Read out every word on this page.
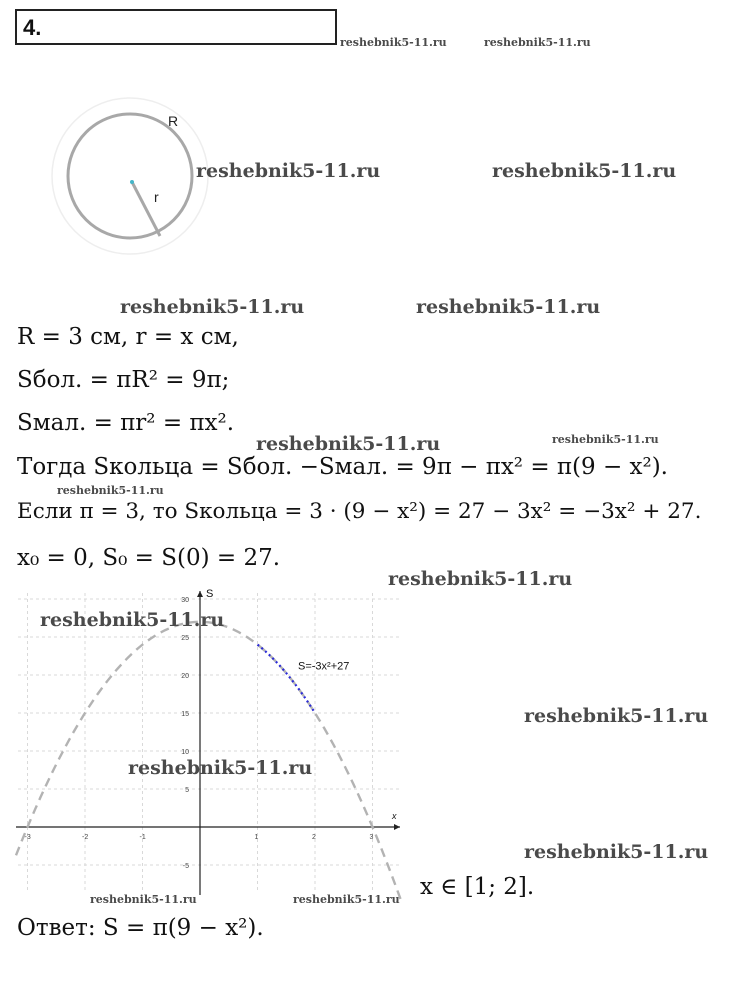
4.
R
r
R = 3 см, r = x см,
Sбол. = πR² = 9π;
Sмал. = πr² = πx².
Тогда Sкольца = Sбол. −Sмал. = 9π − πx² = π(9 − x²).
Если π = 3, то Sкольца = 3 · (9 − x²) = 27 − 3x² = −3x² + 27.
x₀ = 0, S₀ = S(0) = 27.
-3	-2	-1	1	2	3
-5
5
10
15
20
25
30
S
x
S=-3x²+27
x ∈ [1; 2].
Ответ: S = π(9 − x²).
reshebnik5-11.ru	reshebnik5-11.ru
reshebnik5-11.ru	reshebnik5-11.ru
reshebnik5-11.ru	reshebnik5-11.ru
reshebnik5-11.ru	reshebnik5-11.ru
reshebnik5-11.ru
reshebnik5-11.ru
reshebnik5-11.ru
reshebnik5-11.ru
reshebnik5-11.ru
reshebnik5-11.ru
reshebnik5-11.ru	reshebnik5-11.ru
